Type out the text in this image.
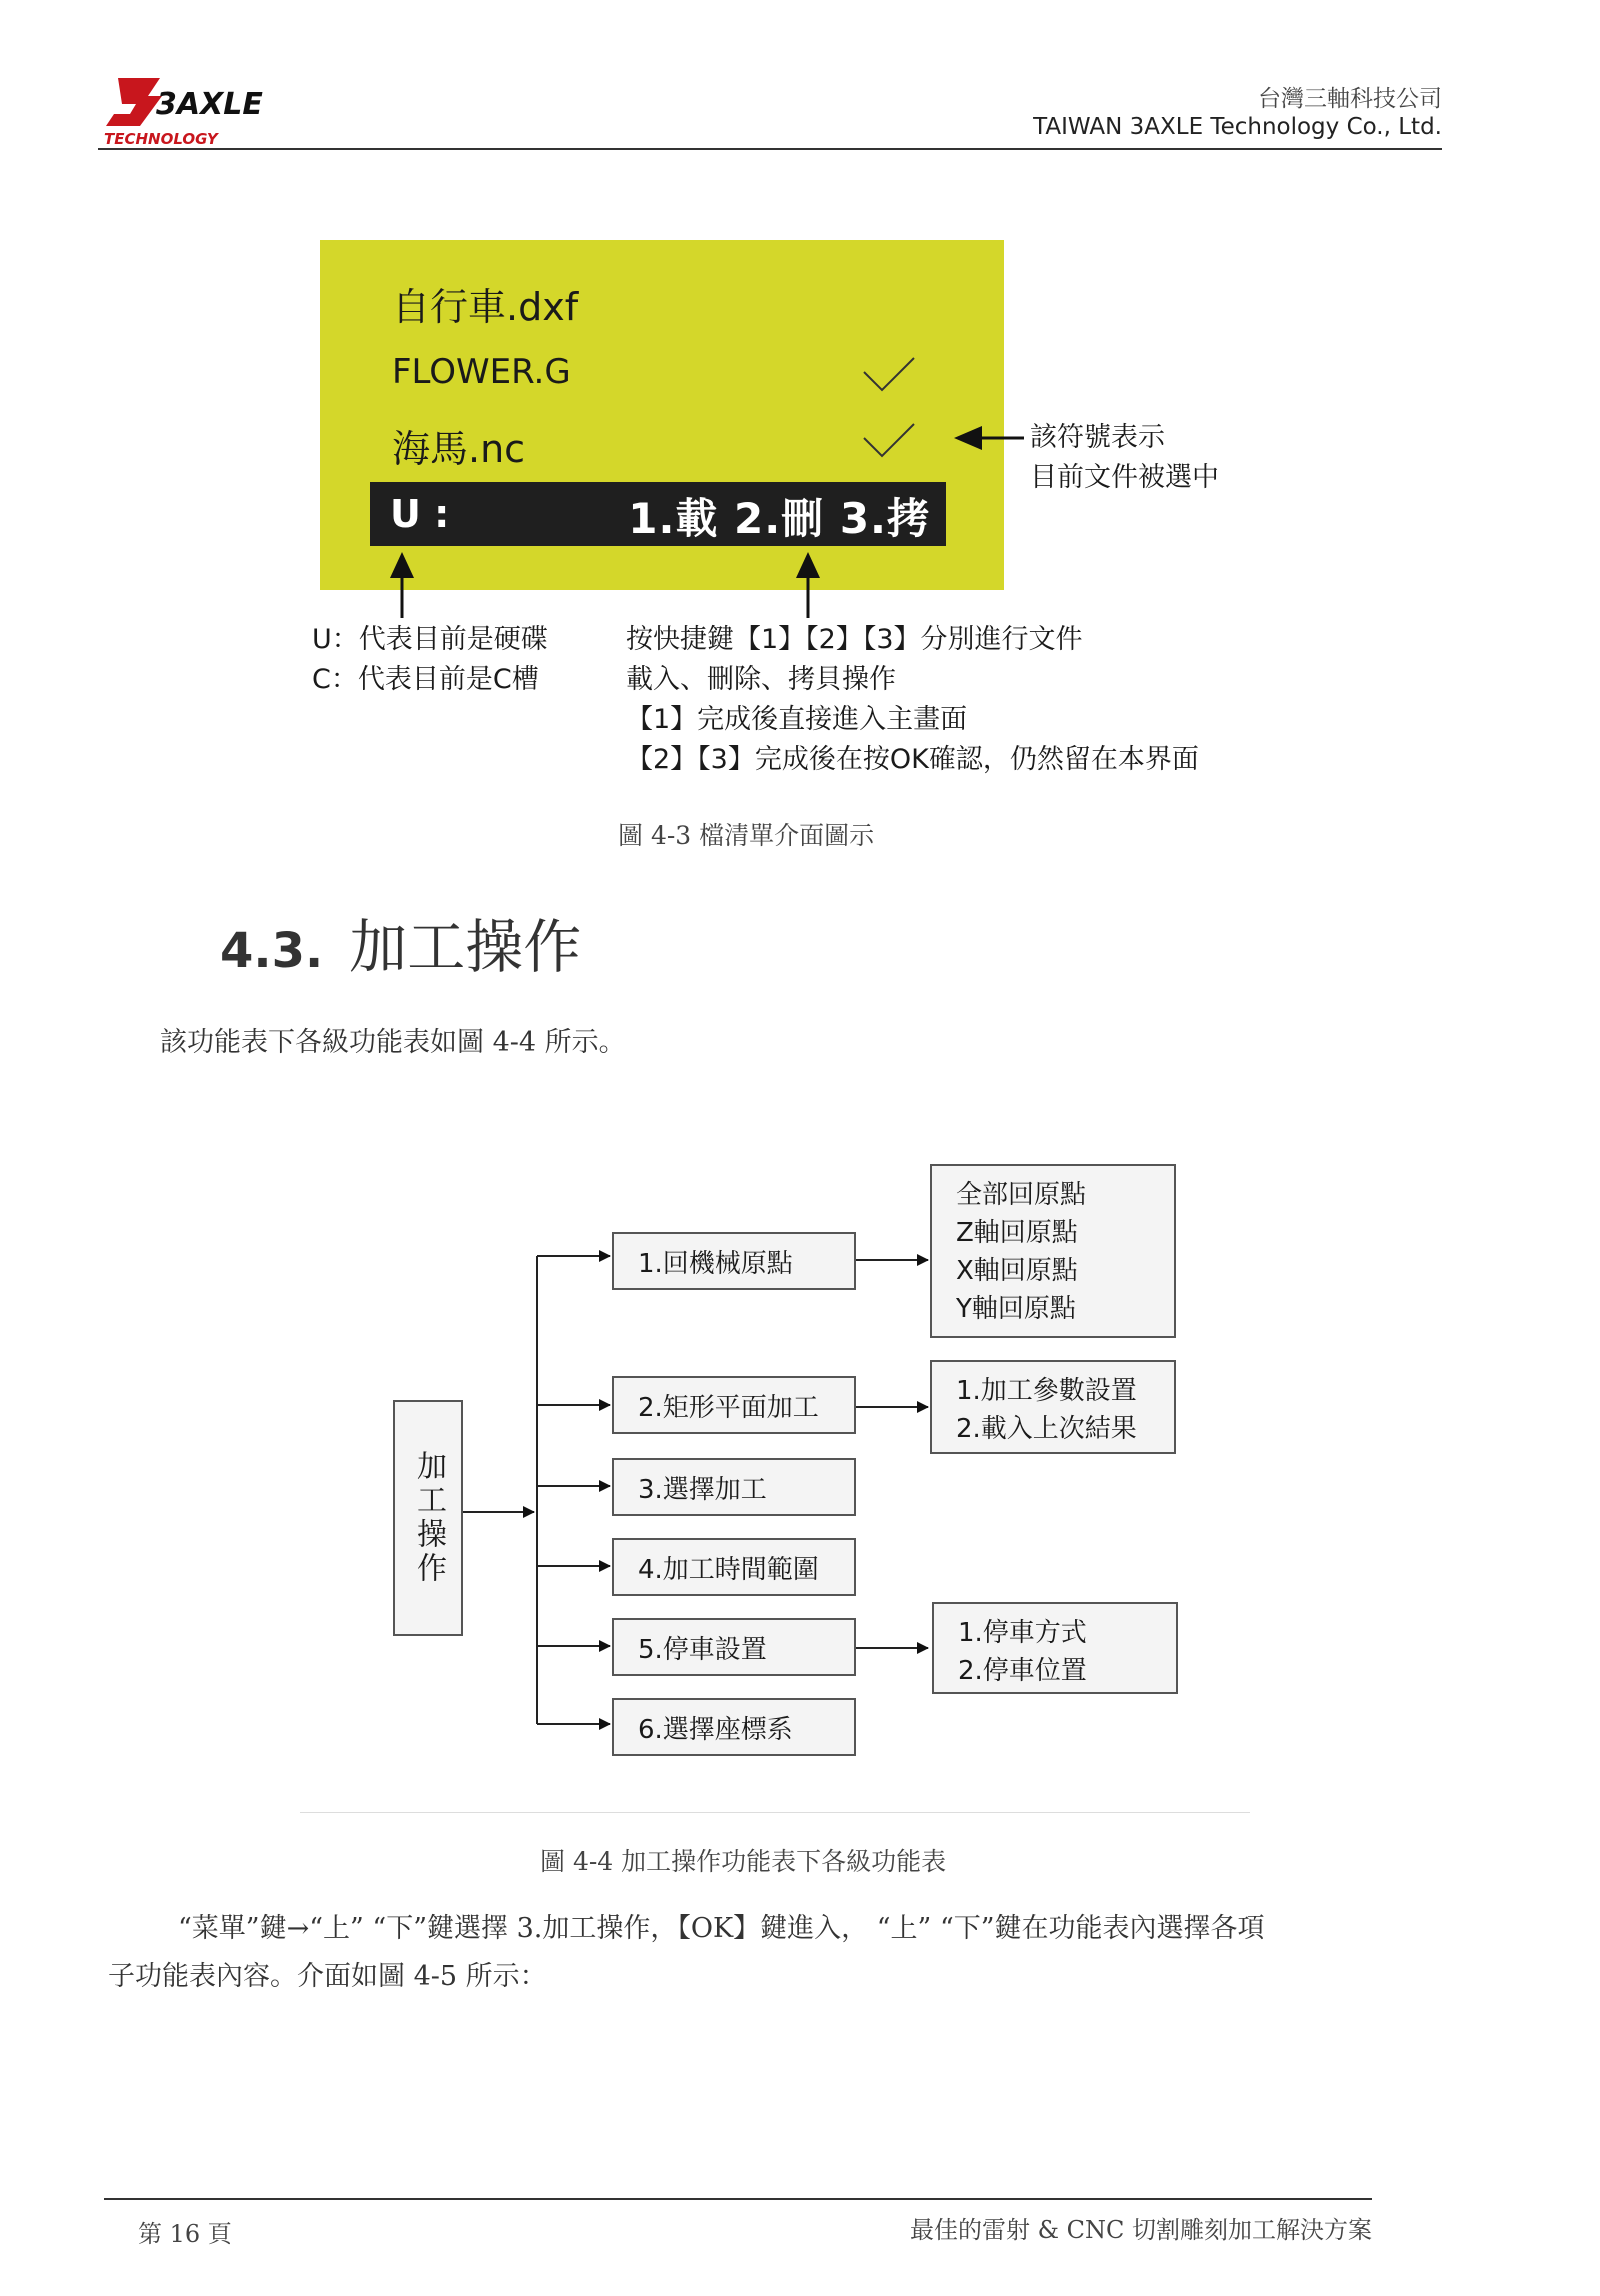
3AXLE
TECHNOLOGY
台灣三軸科技公司
TAIWAN 3AXLE Technology Co., Ltd.
自行車.dxf
FLOWER.G
海馬.nc
U :	1.載 2.刪 3.拷
該符號表示
目前文件被選中
U：代表目前是硬碟
C：代表目前是C槽
按快捷鍵【1】【2】【3】分別進行文件
載入、刪除、拷貝操作
【1】完成後直接進入主畫面
【2】【3】完成後在按OK確認，仍然留在本界面
圖 4-3 檔清單介面圖示
4.3. 加工操作
該功能表下各級功能表如圖 4-4 所示。
加工操作
1.回機械原點
2.矩形平面加工
3.選擇加工
4.加工時間範圍
5.停車設置
6.選擇座標系
全部回原點
Z軸回原點
X軸回原點
Y軸回原點
1.加工參數設置
2.載入上次結果
1.停車方式
2.停車位置
圖 4-4 加工操作功能表下各級功能表
“菜單”鍵→“上” “下”鍵選擇 3.加工操作，【OK】鍵進入， “上” “下”鍵在功能表內選擇各項
子功能表內容。介面如圖 4-5 所示：
第 16 頁	最佳的雷射 & CNC 切割雕刻加工解決方案
